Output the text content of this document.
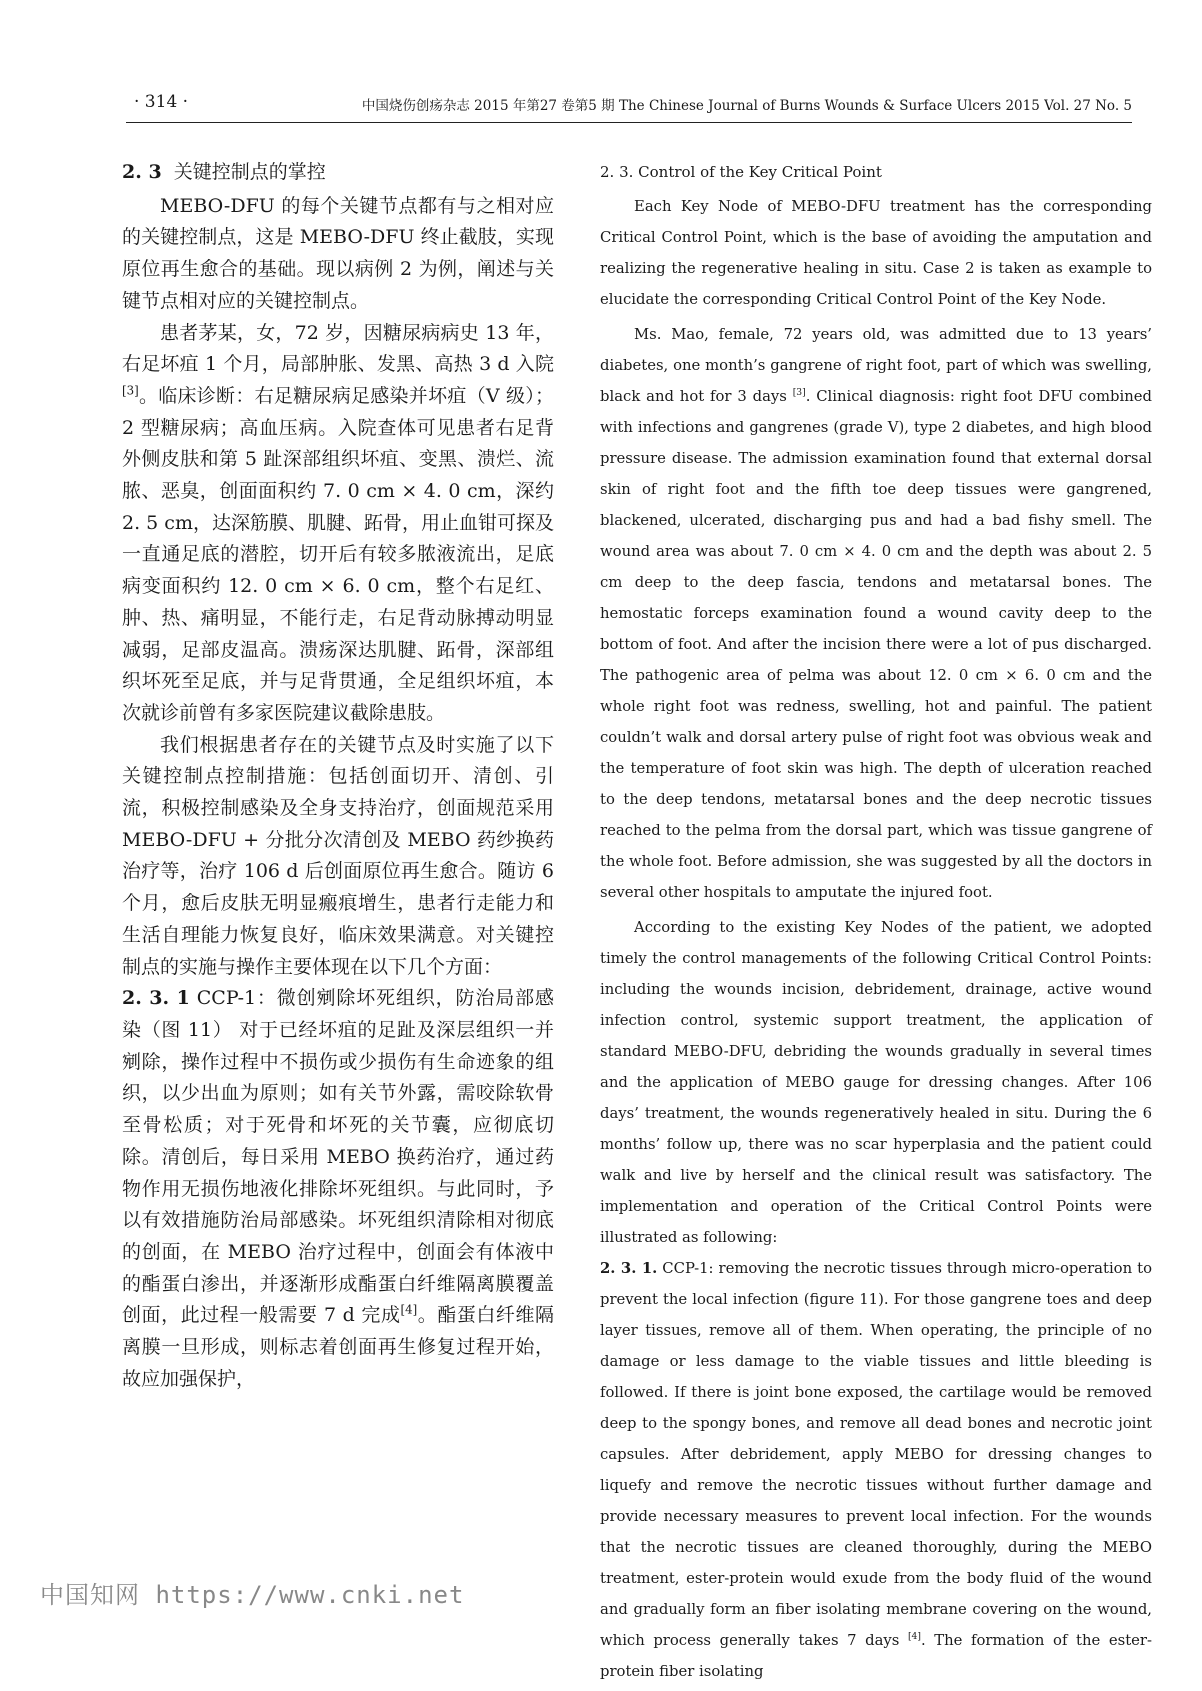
· 314 ·	中国烧伤创疡杂志 2015 年第27 卷第5 期 The Chinese Journal of Burns Wounds & Surface Ulcers 2015 Vol. 27 No. 5
2. 3 关键控制点的掌控

MEBO-DFU 的每个关键节点都有与之相对应的关键控制点，这是 MEBO-DFU 终止截肢，实现原位再生愈合的基础。现以病例 2 为例，阐述与关键节点相对应的关键控制点。

患者茅某，女，72 岁，因糖尿病病史 13 年，右足坏疽 1 个月，局部肿胀、发黑、高热 3 d 入院[3]。临床诊断：右足糖尿病足感染并坏疽（V 级）；2 型糖尿病；高血压病。入院查体可见患者右足背外侧皮肤和第 5 趾深部组织坏疽、变黑、溃烂、流脓、恶臭，创面面积约 7. 0 cm × 4. 0 cm，深约 2. 5 cm，达深筋膜、肌腱、跖骨，用止血钳可探及一直通足底的潜腔，切开后有较多脓液流出，足底病变面积约 12. 0 cm × 6. 0 cm，整个右足红、肿、热、痛明显，不能行走，右足背动脉搏动明显减弱，足部皮温高。溃疡深达肌腱、跖骨，深部组织坏死至足底，并与足背贯通，全足组织坏疽，本次就诊前曾有多家医院建议截除患肢。

我们根据患者存在的关键节点及时实施了以下关键控制点控制措施：包括创面切开、清创、引流，积极控制感染及全身支持治疗，创面规范采用 MEBO-DFU + 分批分次清创及 MEBO 药纱换药治疗等，治疗 106 d 后创面原位再生愈合。随访 6 个月，愈后皮肤无明显瘢痕增生，患者行走能力和生活自理能力恢复良好，临床效果满意。对关键控制点的实施与操作主要体现在以下几个方面：

2. 3. 1 CCP-1：微创剜除坏死组织，防治局部感染（图 11） 对于已经坏疽的足趾及深层组织一并剜除，操作过程中不损伤或少损伤有生命迹象的组织，以少出血为原则；如有关节外露，需咬除软骨至骨松质；对于死骨和坏死的关节囊，应彻底切除。清创后，每日采用 MEBO 换药治疗，通过药物作用无损伤地液化排除坏死组织。与此同时，予以有效措施防治局部感染。坏死组织清除相对彻底的创面，在 MEBO 治疗过程中，创面会有体液中的酯蛋白渗出，并逐渐形成酯蛋白纤维隔离膜覆盖创面，此过程一般需要 7 d 完成[4]。酯蛋白纤维隔离膜一旦形成，则标志着创面再生修复过程开始，故应加强保护，

2. 3. Control of the Key Critical Point

Each Key Node of MEBO-DFU treatment has the corresponding Critical Control Point, which is the base of avoiding the amputation and realizing the regenerative healing in situ. Case 2 is taken as example to elucidate the corresponding Critical Control Point of the Key Node.

Ms. Mao, female, 72 years old, was admitted due to 13 years’ diabetes, one month’s gangrene of right foot, part of which was swelling, black and hot for 3 days [3]. Clinical diagnosis: right foot DFU combined with infections and gangrenes (grade V), type 2 diabetes, and high blood pressure disease. The admission examination found that external dorsal skin of right foot and the fifth toe deep tissues were gangrened, blackened, ulcerated, discharging pus and had a bad fishy smell. The wound area was about 7. 0 cm × 4. 0 cm and the depth was about 2. 5 cm deep to the deep fascia, tendons and metatarsal bones. The hemostatic forceps examination found a wound cavity deep to the bottom of foot. And after the incision there were a lot of pus discharged. The pathogenic area of pelma was about 12. 0 cm × 6. 0 cm and the whole right foot was redness, swelling, hot and painful. The patient couldn’t walk and dorsal artery pulse of right foot was obvious weak and the temperature of foot skin was high. The depth of ulceration reached to the deep tendons, metatarsal bones and the deep necrotic tissues reached to the pelma from the dorsal part, which was tissue gangrene of the whole foot. Before admission, she was suggested by all the doctors in several other hospitals to amputate the injured foot.

According to the existing Key Nodes of the patient, we adopted timely the control managements of the following Critical Control Points: including the wounds incision, debridement, drainage, active wound infection control, systemic support treatment, the application of standard MEBO-DFU, debriding the wounds gradually in several times and the application of MEBO gauge for dressing changes. After 106 days’ treatment, the wounds regeneratively healed in situ. During the 6 months’ follow up, there was no scar hyperplasia and the patient could walk and live by herself and the clinical result was satisfactory. The implementation and operation of the Critical Control Points were illustrated as following:

2. 3. 1. CCP-1: removing the necrotic tissues through micro-operation to prevent the local infection (figure 11). For those gangrene toes and deep layer tissues, remove all of them. When operating, the principle of no damage or less damage to the viable tissues and little bleeding is followed. If there is joint bone exposed, the cartilage would be removed deep to the spongy bones, and remove all dead bones and necrotic joint capsules. After debridement, apply MEBO for dressing changes to liquefy and remove the necrotic tissues without further damage and provide necessary measures to prevent local infection. For the wounds that the necrotic tissues are cleaned thoroughly, during the MEBO treatment, ester-protein would exude from the body fluid of the wound and gradually form an fiber isolating membrane covering on the wound, which process generally takes 7 days [4]. The formation of the ester-protein fiber isolating

中国知网 https://www.cnki.net
